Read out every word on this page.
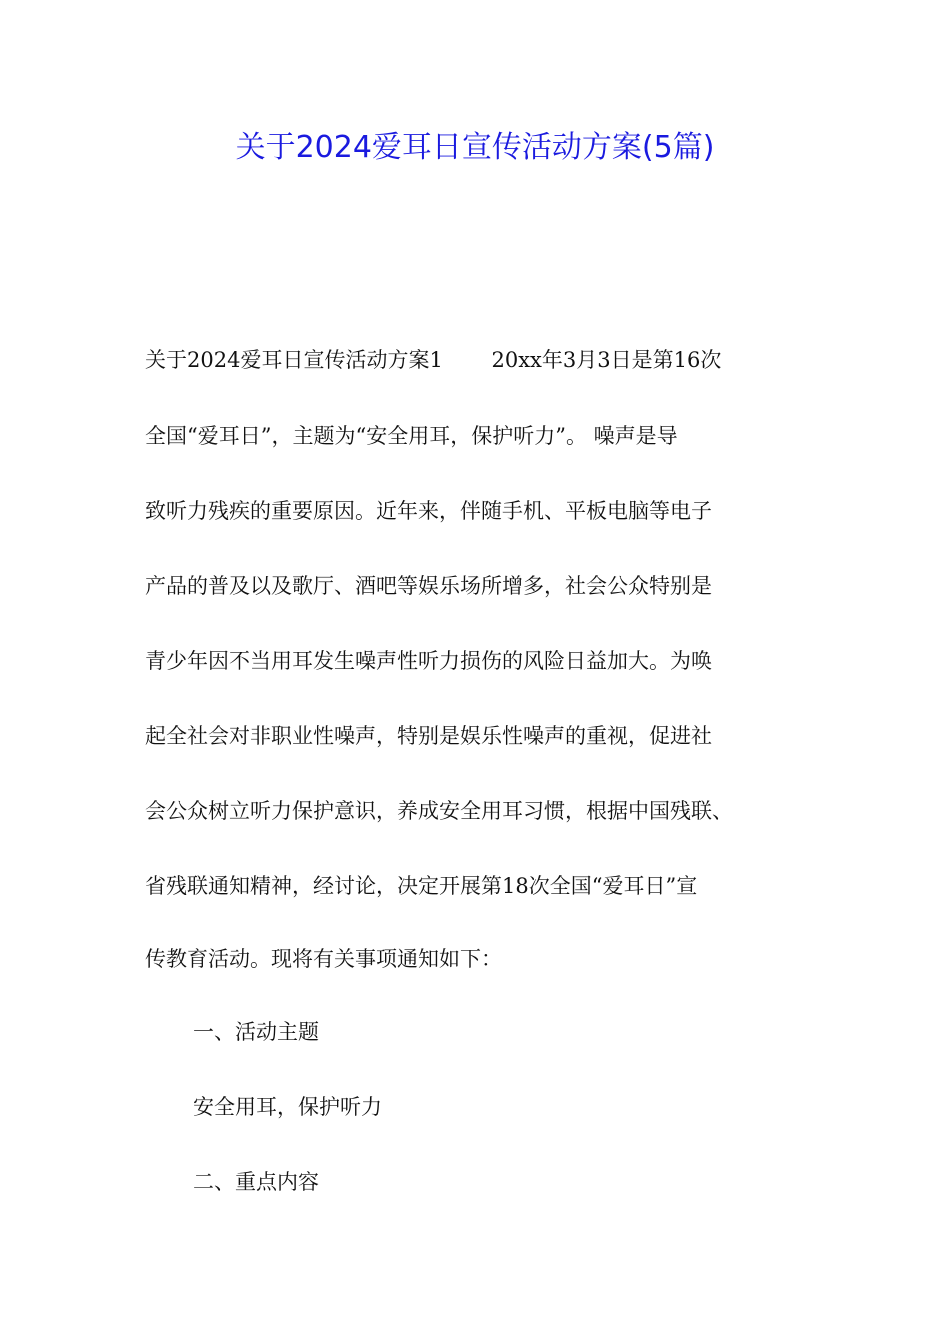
关于2024爱耳日宣传活动方案(5篇)
关于2024爱耳日宣传活动方案1　　 20xx年3月3日是第16次
全国“爱耳日”，主题为“安全用耳，保护听力”。 噪声是导
致听力残疾的重要原因。近年来，伴随手机、平板电脑等电子
产品的普及以及歌厅、酒吧等娱乐场所增多，社会公众特别是
青少年因不当用耳发生噪声性听力损伤的风险日益加大。为唤
起全社会对非职业性噪声，特别是娱乐性噪声的重视，促进社
会公众树立听力保护意识，养成安全用耳习惯，根据中国残联、
省残联通知精神，经讨论，决定开展第18次全国“爱耳日”宣
传教育活动。现将有关事项通知如下：
一、活动主题
安全用耳，保护听力
二、重点内容
